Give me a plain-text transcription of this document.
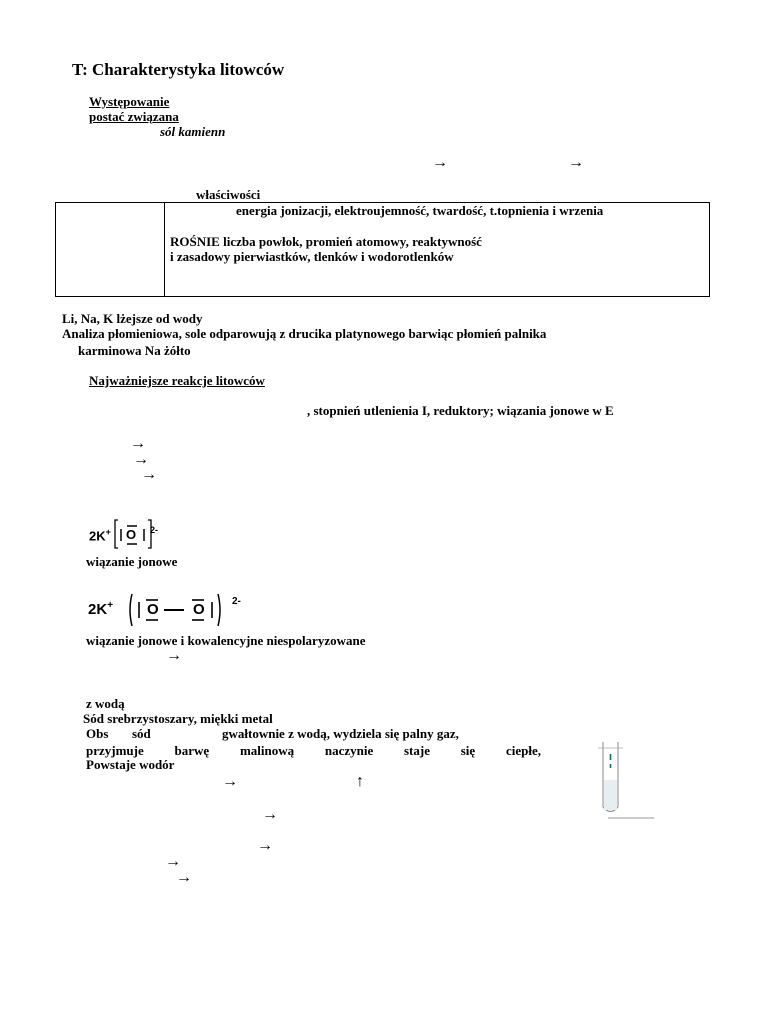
T: Charakterystyka litowców
Występowanie
postać związana
sól kamienn
→	→
właściwości
energia jonizacji, elektroujemność, twardość, t.topnienia i wrzenia
ROŚNIE liczba powłok, promień atomowy, reaktywność
i zasadowy pierwiastków, tlenków i wodorotlenków
Li, Na, K lżejsze od wody
Analiza płomieniowa, sole odparowują z drucika platynowego barwiąc płomień palnika
karminowa Na żółto
Najważniejsze reakcje litowców
, stopnień utlenienia I, reduktory; wiązania jonowe w E
→
→
→
2K+ O 2-
wiązanie jonowe
2K+ O O	2-
wiązanie jonowe i kowalencyjne niespolaryzowane
→
z wodą
Sód srebrzystoszary, miękki metal
Obs sód	gwałtownie z wodą, wydziela się palny gaz,
przyjmuje barwę malinową naczynie staje się ciepłe,
Powstaje wodór
→	↑
→
→
→
→
